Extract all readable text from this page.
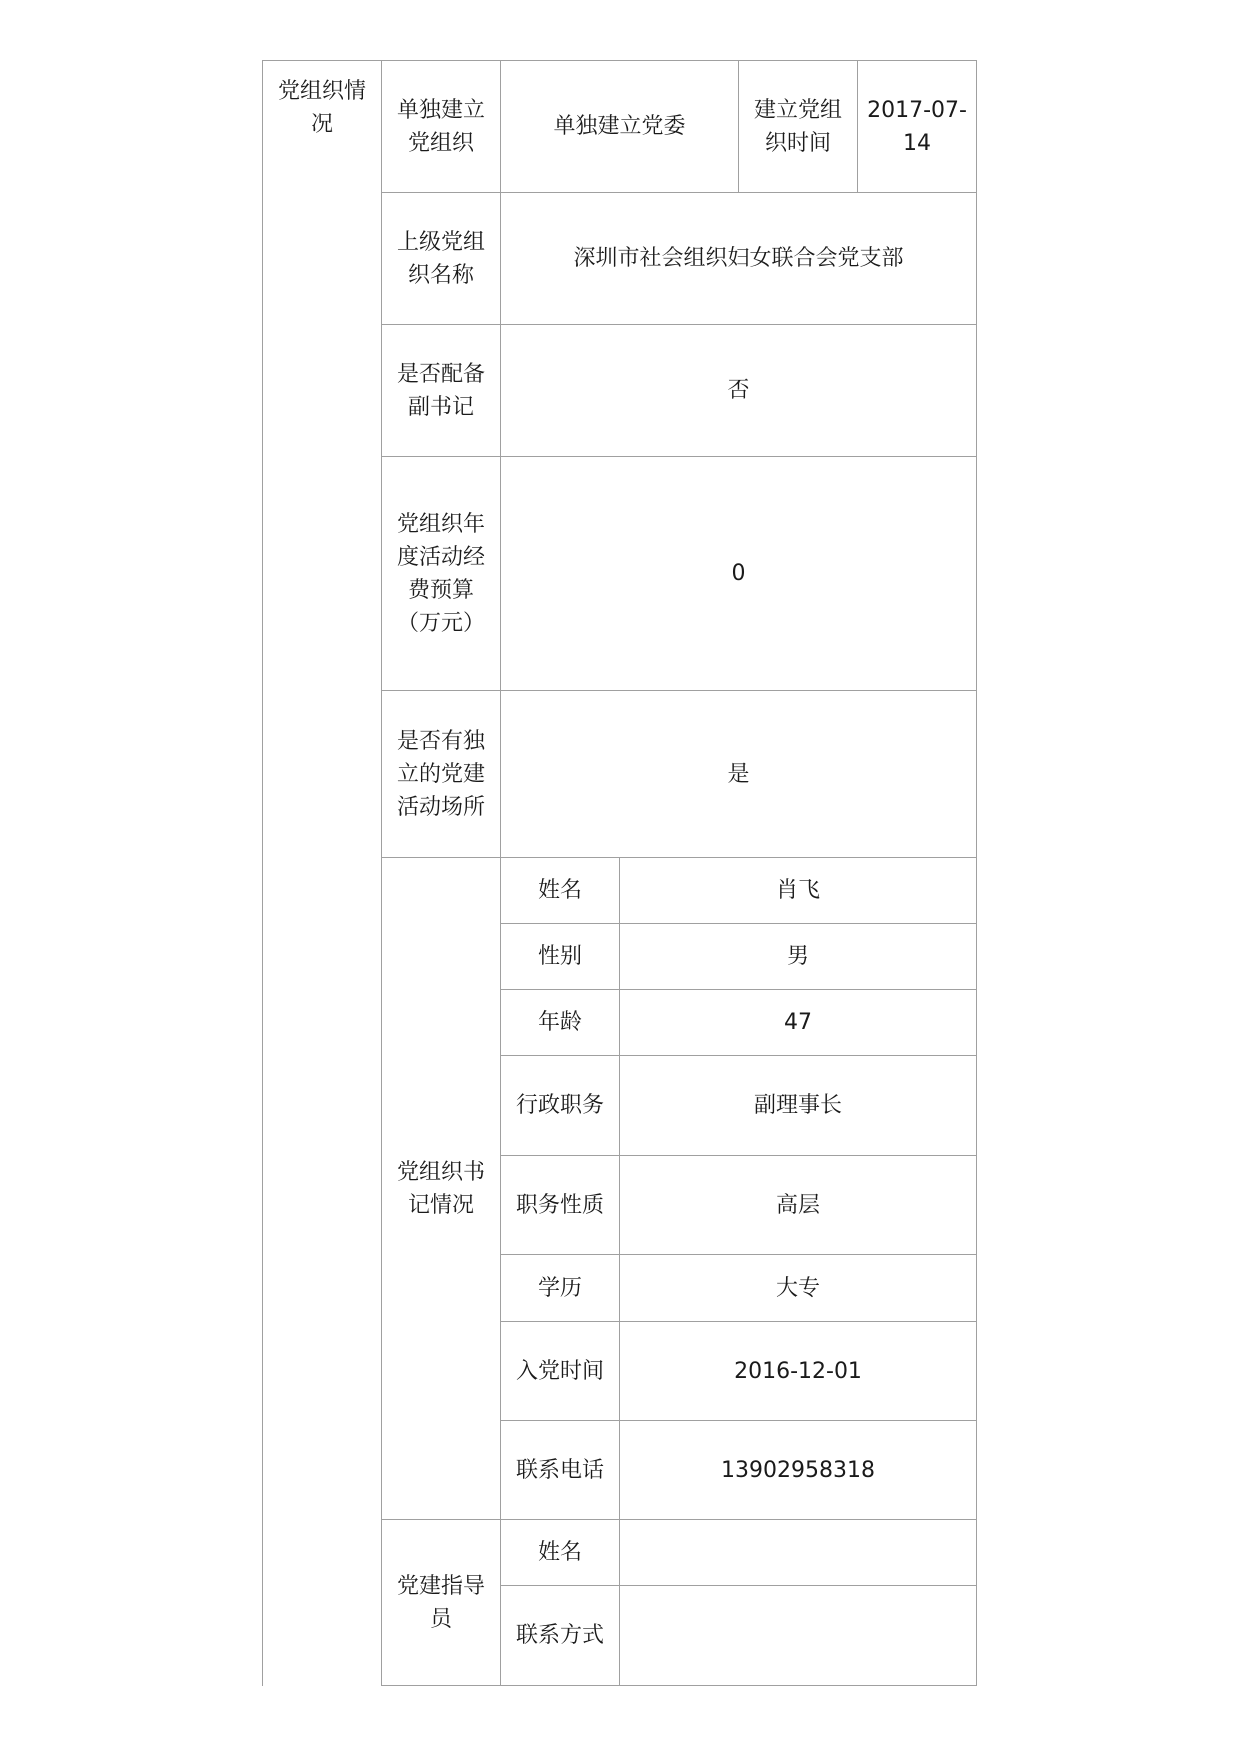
党组织情况	单独建立党组织	单独建立党委		建立党组织时间	2017-07-14
	上级党组织名称	深圳市社会组织妇女联合会党支部			
	是否配备副书记	否			
	党组织年度活动经费预算（万元）	0			
	是否有独立的党建活动场所	是			
	党组织书记情况	姓名	肖飞		
		性别	男		
		年龄	47		
		行政职务	副理事长		
		职务性质	高层		
		学历	大专		
		入党时间	2016-12-01		
		联系电话	13902958318		
	党建指导员	姓名			
		联系方式			
